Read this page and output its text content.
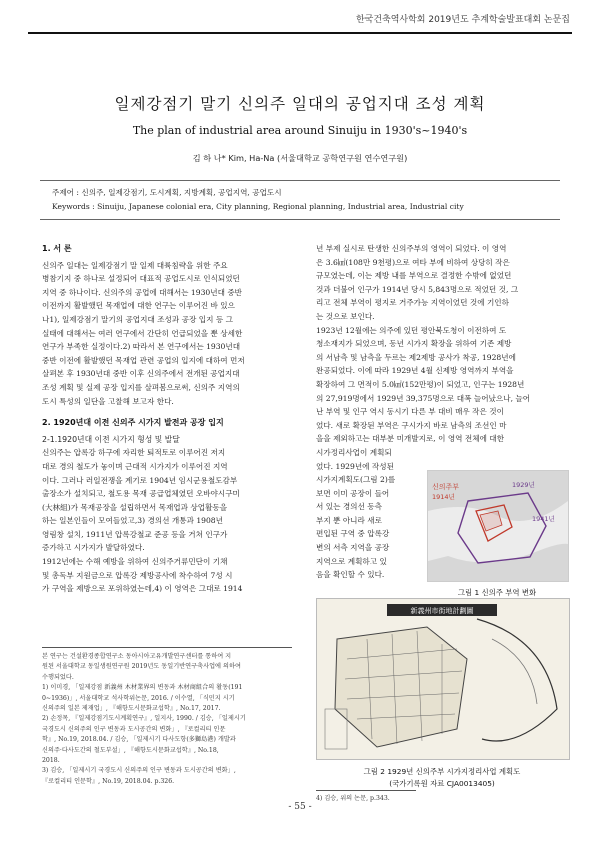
한국건축역사학회 2019년도 추계학술발표대회 논문집
일제강점기 말기 신의주 일대의 공업지대 조성 계획
The plan of industrial area around Sinuiju in 1930's~1940's
김 하 나* Kim, Ha-Na (서울대학교 공학연구원 연수연구원)
주제어 : 신의주, 일제강점기, 도시계획, 지방계획, 공업지역, 공업도시
Keywords : Sinuiju, Japanese colonial era, City planning, Regional planning, Industrial area, Industrial city

1. 서 론

신의주 일대는 일제강점기 말 일제 대륙침략을 위한 주요

병참기지 중 하나로 설정되어 대표적 공업도시로 인식되었던

지역 중 하나이다. 신의주의 공업에 대해서는 1930년대 중반

이전까지 활발했던 목재업에 대한 연구는 이루어진 바 있으

나1), 일제강점기 말기의 공업지대 조성과 공장 입지 등 그

실태에 대해서는 여러 연구에서 간단히 언급되었을 뿐 상세한

연구가 부족한 실정이다.2) 따라서 본 연구에서는 1930년대

중반 이전에 활발했던 목재업 관련 공업의 입지에 대하여 먼저

살펴본 후 1930년대 중반 이후 신의주에서 전개된 공업지대

조성 계획 및 실제 공장 입지를 살펴봄으로써, 신의주 지역의

도시 특성의 일단을 고찰해 보고자 한다.

2. 1920년대 이전 신의주 시가지 발전과 공장 입지

2-1.1920년대 이전 시가지 형성 및 발달

신의주는 압록강 하구에 자리한 퇴적토로 이루어진 저지

대로 경의 철도가 놓이며 근대적 시가지가 이루어진 지역

이다. 그러나 러일전쟁을 계기로 1904년 임시군용철도감부

출장소가 설치되고, 철도용 목재 공급업체였던 오바야시구미

(大林組)가 목재공장을 설립하면서 목재업과 상업활동을

하는 일본인들이 모여들었고,3) 경의선 개통과 1908년

영림창 설치, 1911년 압록강철교 준공 등을 거쳐 인구가

증가하고 시가지가 발달하였다.

1912년에는 수해 예방을 위하여 신의주거류민단이 기채

및 총독부 지원금으로 압록강 제방공사에 착수하여 7성 시

가 구역을 제방으로 포위하였는데,4) 이 영역은 그대로 1914

본 연구는 건설환경종합연구소 동아시아고유개발연구센터를 통하여 지

원된 서울대학교 동일생원연구원 2019년도 동일기반연구축사업에 의하여

수행되었다.

1) 이미경, 「일제강점 新義州 木材業界의 변동과 木材商組合의 활동(191

0~1936)」, 서울대학교 석사학위논문, 2016. / 이수열, 「식민지 시기

신의주의 일본 제재업」, 『해항도시문화교섭학』, No.17, 2017.

2) 손정목, 『일제강점기도시계획연구』, 일지사, 1990. / 김승, 「일제시기

국경도시 신의주의 인구 변동과 도시공간의 변화」, 『로컬리티 인문

학』, No.19, 2018.04. / 김승, 「일제시기 다사도항(多獅島港) 개발과

신의주·다사도간의 철도부설」, 『해항도시문화교섭학』, No.18,

2018.

3) 김승, 「일제시기 국경도시 신의주의 인구 변동과 도시공간의 변화」,

『로컬리티 인문학』, No.19, 2018.04. p.326.

년 부제 실시로 탄생한 신의주부의 영역이 되었다. 이 영역

은 3.6㎢(108만 9천평)으로 여타 부에 비하여 상당히 작은

규모였는데, 이는 제방 내를 부역으로 결정한 수밖에 없었던

것과 더불어 인구가 1914년 당시 5,843명으로 적었던 것, 그

리고 전체 부역이 평지로 거주가능 지역이었던 것에 기인하

는 것으로 보인다.

1923년 12월에는 의주에 있던 평안북도청이 이전하여 도

청소재지가 되었으며, 동년 시가지 확장을 위하여 기존 제방

의 서남측 및 남측을 두르는 제2제방 공사가 착공, 1928년에

완공되었다. 이에 따라 1929년 4월 신제방 영역까지 부역을

확장하여 그 면적이 5.0㎢(152만평)이 되었고, 인구는 1928년

의 27,919명에서 1929년 39,375명으로 대폭 늘어났으나, 늘어

난 부역 및 인구 역시 동시기 다른 부 대비 매우 작은 것이

었다. 새로 확장된 부역은 구시가지 바로 남측의 조선인 마

을을 제외하고는 대부분 미개발지로, 이 영역 전체에 대한

시가정리사업이 계획되

었다. 1929년에 작성된

시가지계획도(그림 2)를

보면 이미 공장이 들어

서 있는 경의선 동측

부지 뿐 아니라 새로

편입된 구역 중 압록강

변의 서측 지역을 공장

지역으로 계획하고 있

음을 확인할 수 있다.

신의주부
1914년
1929년
1941년
그림 1 신의주 부역 변화
新義州市街地計劃圖
그림 2 1929년 신의주부 시가지정리사업 계획도
(국가기록원 자료 CJA0013405)

4) 김승, 위의 논문, p.343.

- 55 -
